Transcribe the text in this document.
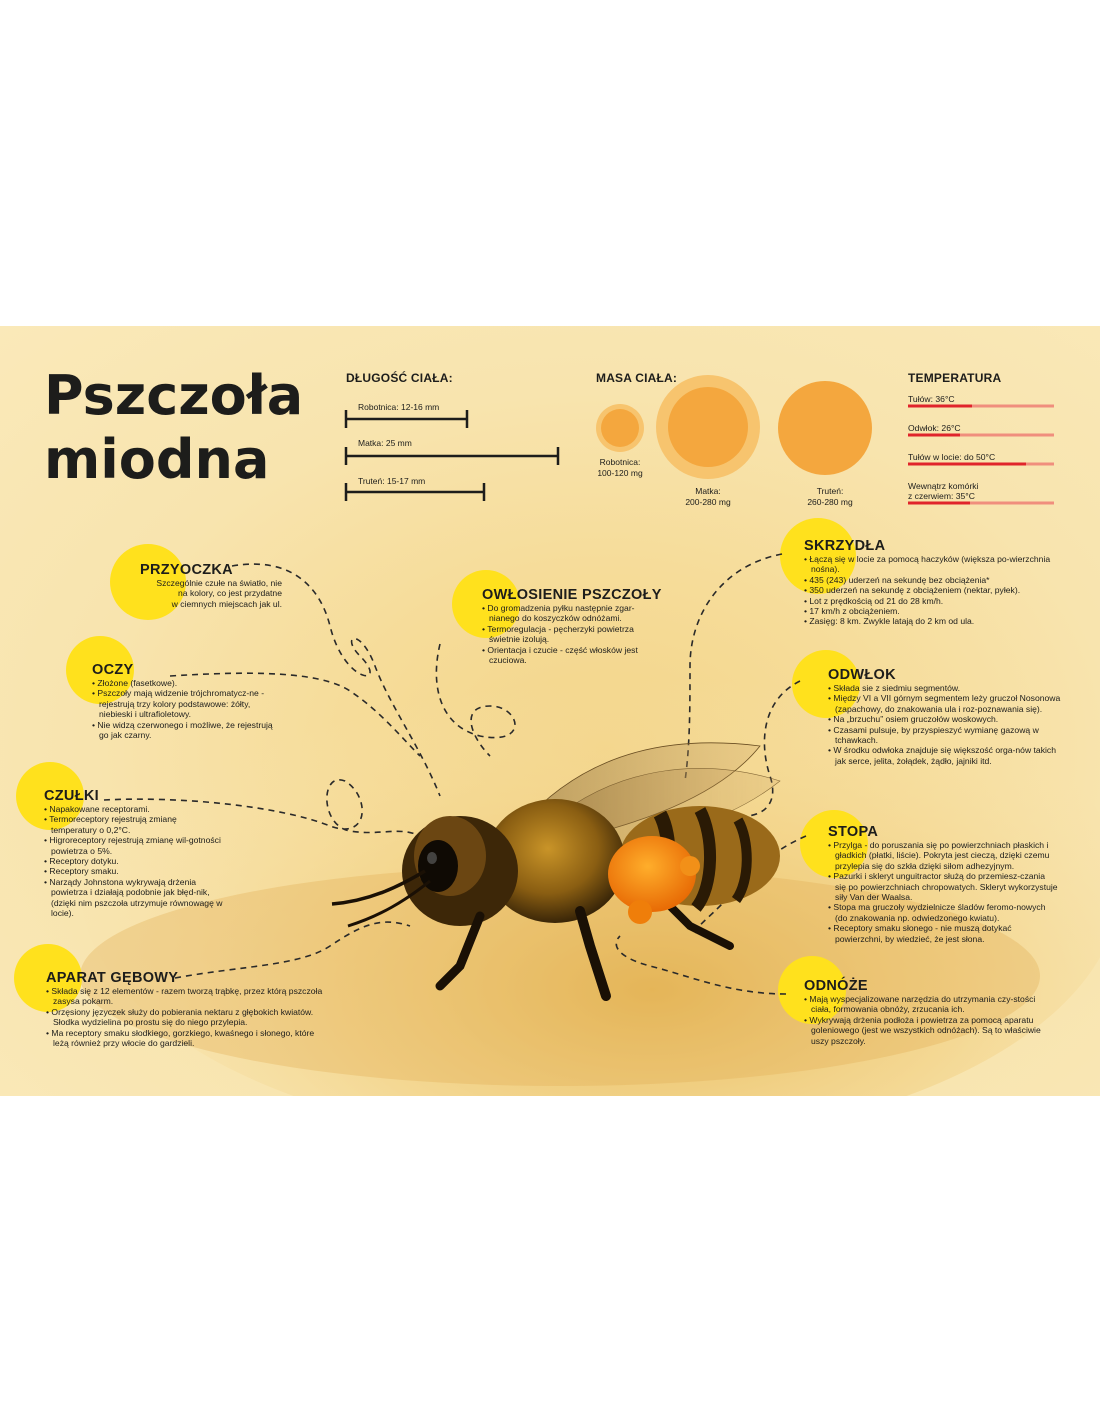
Pszczoła
miodna
DŁUGOŚĆ CIAŁA:
Robotnica: 12-16 mm
Matka: 25 mm
Truteń: 15-17 mm
MASA CIAŁA:
Robotnica:
100-120 mg
Matka:
200-280 mg
Truteń:
260-280 mg
TEMPERATURA
Tułów: 36°C
Odwłok: 26°C
Tułów w locie: do 50°C
Wewnątrz komórki
z czerwiem: 35°C
PRZYOCZKA
Szczególnie czułe na światło, nie
na kolory, co jest przydatne
w ciemnych miejscach jak ul.
OCZY
• Złożone (fasetkowe).
• Pszczoły mają widzenie trójchromatycz-ne - rejestrują trzy kolory podstawowe: żółty, niebieski i ultrafioletowy.
• Nie widzą czerwonego i możliwe, że rejestrują go jak czarny.
CZUŁKI
• Napakowane receptorami.
• Termoreceptory rejestrują zmianę temperatury o 0,2°C.
• Higroreceptory rejestrują zmianę wil-gotności powietrza o 5%.
• Receptory dotyku.
• Receptory smaku.
• Narządy Johnstona wykrywają drżenia powietrza i działają podobnie jak błęd-nik, (dzięki nim pszczoła utrzymuje równowagę w locie).
APARAT GĘBOWY
• Składa się z 12 elementów - razem tworzą trąbkę, przez którą pszczoła zasysa pokarm.
• Orzęsiony języczek służy do pobierania nektaru z głębokich kwiatów. Słodka wydzielina po prostu się do niego przylepia.
• Ma receptory smaku słodkiego, gorzkiego, kwaśnego i słonego, które leżą również przy włocie do gardzieli.
OWŁOSIENIE PSZCZOŁY
• Do gromadzenia pyłku następnie zgar-nianego do koszyczków odnóżami.
• Termoregulacja - pęcherzyki powietrza świetnie izolują.
• Orientacja i czucie - część włosków jest czuciowa.
SKRZYDŁA
• Łączą się w locie za pomocą haczyków (większa po-wierzchnia nośna).
• 435 (243) uderzeń na sekundę bez obciążenia*
• 350 uderzeń na sekundę z obciążeniem (nektar, pyłek).
• Lot z prędkością od 21 do 28 km/h.
• 17 km/h z obciążeniem.
• Zasięg: 8 km. Zwykle latają do 2 km od ula.
ODWŁOK
• Składa sie z siedmiu segmentów.
• Między VI a VII górnym segmentem leży gruczoł Nosonowa (zapachowy, do znakowania ula i roz-poznawania się).
• Na „brzuchu” osiem gruczołów woskowych.
• Czasami pulsuje, by przyspieszyć wymianę gazową w tchawkach.
• W środku odwłoka znajduje się większość orga-nów takich jak serce, jelita, żołądek, żądło, jajniki itd.
STOPA
• Przylga - do poruszania się po powierzchniach płaskich i gładkich (płatki, liście). Pokryta jest cieczą, dzięki czemu przylepia się do szkła dzięki siłom adhezyjnym.
• Pazurki i skleryt unguitractor służą do przemiesz-czania się po powierzchniach chropowatych. Skleryt wykorzystuje siły Van der Waalsa.
• Stopa ma gruczoły wydzielnicze śladów feromo-nowych (do znakowania np. odwiedzonego kwiatu).
• Receptory smaku słonego - nie muszą dotykać powierzchni, by wiedzieć, że jest słona.
ODNÓŻE
• Mają wyspecjalizowane narzędzia do utrzymania czy-stości ciała, formowania obnóży, zrzucania ich.
• Wykrywają drżenia podłoża i powietrza za pomocą aparatu goleniowego (jest we wszystkich odnóżach). Są to właściwie uszy pszczoły.
